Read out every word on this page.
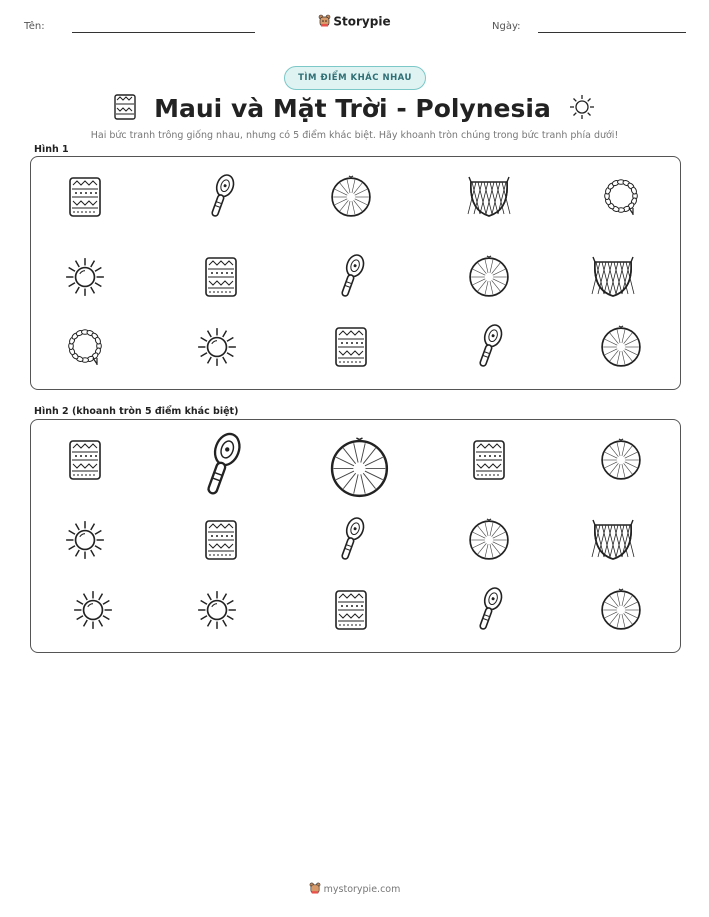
Tên:	Storypie	Ngày:
TÌM ĐIỂM KHÁC NHAU
Maui và Mặt Trời - Polynesia
Hai bức tranh trông giống nhau, nhưng có 5 điểm khác biệt. Hãy khoanh tròn chúng trong bức tranh phía dưới!
Hình 1
Hình 2 (khoanh tròn 5 điểm khác biệt)
mystorypie.com
